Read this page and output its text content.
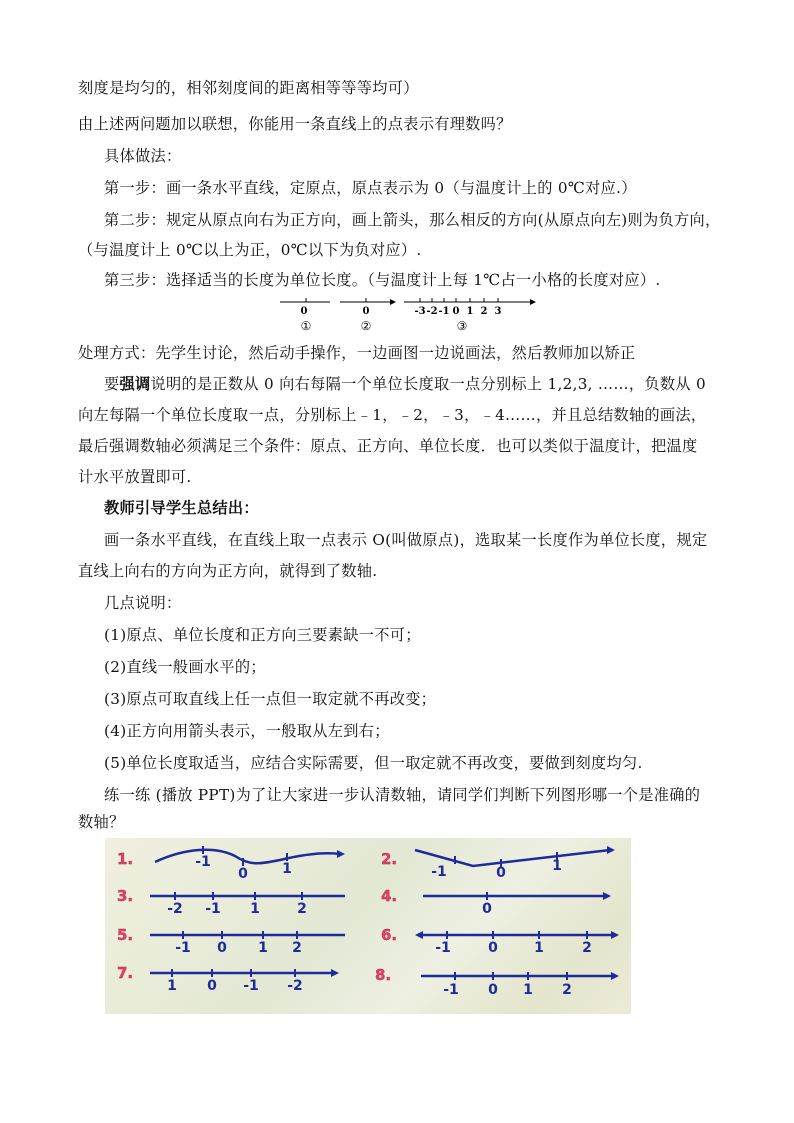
刻度是均匀的，相邻刻度间的距离相等等等均可）
由上述两问题加以联想，你能用一条直线上的点表示有理数吗？
具体做法：
第一步：画一条水平直线，定原点，原点表示为 0（与温度计上的 0℃对应.）
第二步：规定从原点向右为正方向，画上箭头，那么相反的方向(从原点向左)则为负方向，
（与温度计上 0℃以上为正，0℃以下为负对应）.
第三步：选择适当的长度为单位长度。（与温度计上每 1℃占一小格的长度对应）.
0
①
0
②
-3 -2 -1 0 1 2 3
③
处理方式：先学生讨论，然后动手操作，一边画图一边说画法，然后教师加以矫正
要强调说明的是正数从 0 向右每隔一个单位长度取一点分别标上 1,2,3, ……，负数从 0
向左每隔一个单位长度取一点，分别标上﹣1，﹣2，﹣3，﹣4……，并且总结数轴的画法，
最后强调数轴必须满足三个条件：原点、正方向、单位长度．也可以类似于温度计，把温度
计水平放置即可.
教师引导学生总结出：
画一条水平直线，在直线上取一点表示 O(叫做原点)，选取某一长度作为单位长度，规定
直线上向右的方向为正方向，就得到了数轴.
几点说明：
(1)原点、单位长度和正方向三要素缺一不可；
(2)直线一般画水平的；
(3)原点可取直线上任一点但一取定就不再改变；
(4)正方向用箭头表示，一般取从左到右；
(5)单位长度取适当，应结合实际需要，但一取定就不再改变，要做到刻度均匀.
练一练 (播放 PPT)为了让大家进一步认清数轴，请同学们判断下列图形哪一个是准确的
数轴？
1.	-1
0 1
2.
-1	0	1
3.
-2 -1 1	2
4.
0
5.
-1 0 1 2
6.
-1	0	1	2
7.
1 0 -1 -2
8.
-1 0 1 2
